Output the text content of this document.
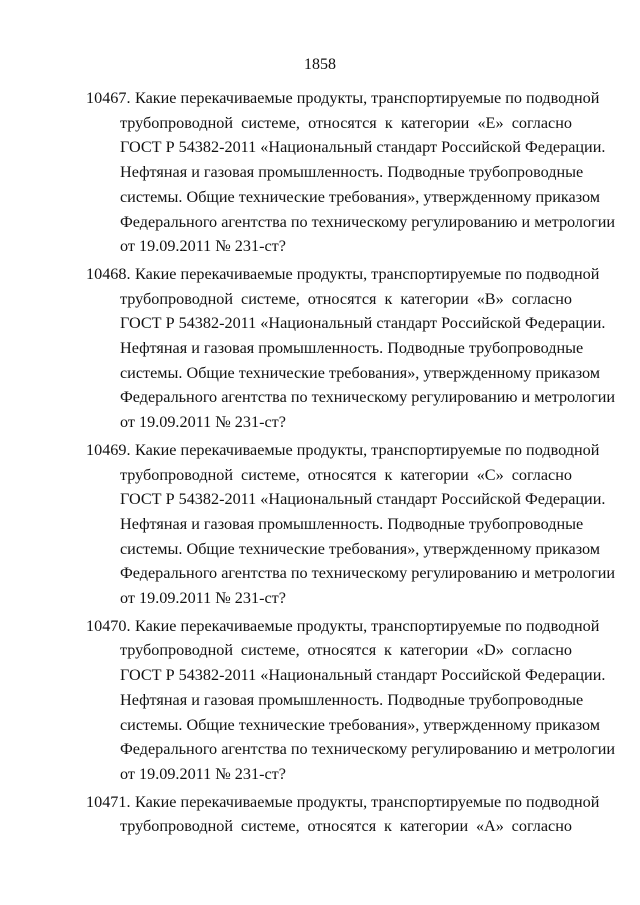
1858
10467. Какие перекачиваемые продукты, транспортируемые по подводной
трубопроводной системе, относятся к категории «Е» согласно
ГОСТ Р 54382-2011 «Национальный стандарт Российской Федерации.
Нефтяная и газовая промышленность. Подводные трубопроводные
системы. Общие технические требования», утвержденному приказом
Федерального агентства по техническому регулированию и метрологии
от 19.09.2011 № 231-ст?
10468. Какие перекачиваемые продукты, транспортируемые по подводной
трубопроводной системе, относятся к категории «В» согласно
ГОСТ Р 54382-2011 «Национальный стандарт Российской Федерации.
Нефтяная и газовая промышленность. Подводные трубопроводные
системы. Общие технические требования», утвержденному приказом
Федерального агентства по техническому регулированию и метрологии
от 19.09.2011 № 231-ст?
10469. Какие перекачиваемые продукты, транспортируемые по подводной
трубопроводной системе, относятся к категории «С» согласно
ГОСТ Р 54382-2011 «Национальный стандарт Российской Федерации.
Нефтяная и газовая промышленность. Подводные трубопроводные
системы. Общие технические требования», утвержденному приказом
Федерального агентства по техническому регулированию и метрологии
от 19.09.2011 № 231-ст?
10470. Какие перекачиваемые продукты, транспортируемые по подводной
трубопроводной системе, относятся к категории «D» согласно
ГОСТ Р 54382-2011 «Национальный стандарт Российской Федерации.
Нефтяная и газовая промышленность. Подводные трубопроводные
системы. Общие технические требования», утвержденному приказом
Федерального агентства по техническому регулированию и метрологии
от 19.09.2011 № 231-ст?
10471. Какие перекачиваемые продукты, транспортируемые по подводной
трубопроводной системе, относятся к категории «А» согласно
